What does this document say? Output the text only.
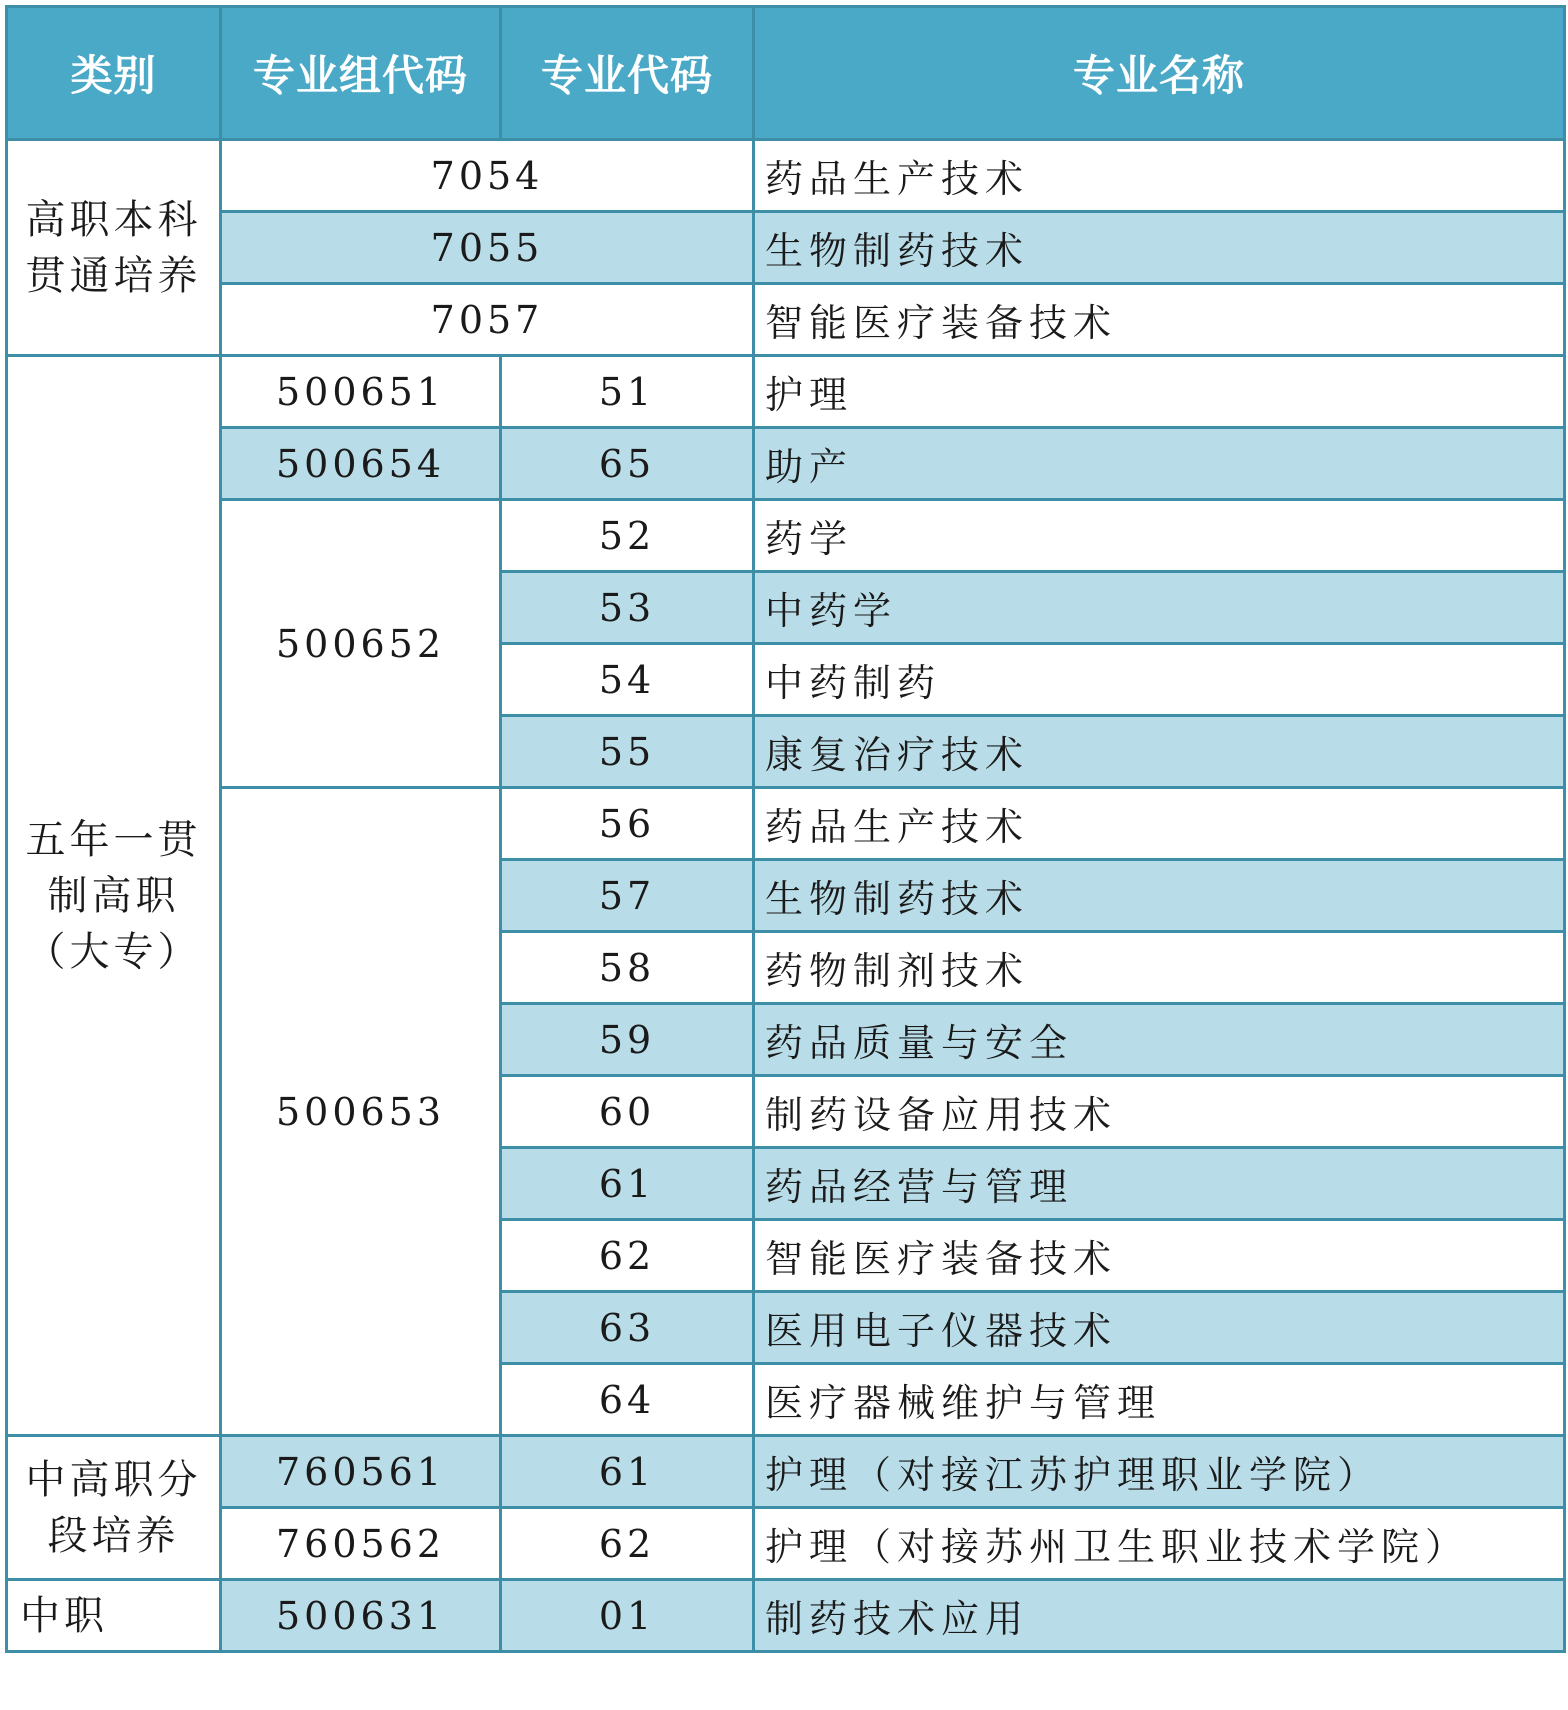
类别	专业组代码	专业代码	专业名称

高职本科
贯通培养	7054		药品生产技术
	7055		生物制药技术
	7057		智能医疗装备技术

五年一贯
制高职
（大专）	500651	51	护理
	500654	65	助产
	500652	52	药学
		53	中药学
		54	中药制药
		55	康复治疗技术
	500653	56	药品生产技术
		57	生物制药技术
		58	药物制剂技术
		59	药品质量与安全
		60	制药设备应用技术
		61	药品经营与管理
		62	智能医疗装备技术
		63	医用电子仪器技术
		64	医疗器械维护与管理

中高职分
段培养	760561	61	护理（对接江苏护理职业学院）
	760562	62	护理（对接苏州卫生职业技术学院）

中职	500631	01	制药技术应用
